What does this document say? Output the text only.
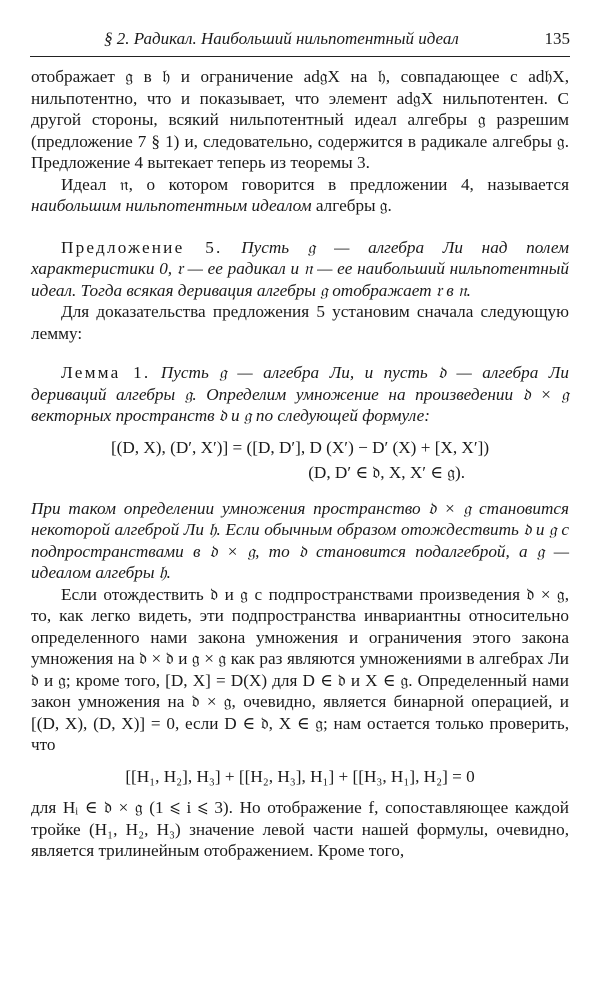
§ 2. Радикал. Наибольший нильпотентный идеал	135

отображает 𝔤 в 𝔥 и ограничение ad𝔤X на 𝔥, совпадающее с ad𝔥X, нильпотентно, что и показывает, что элемент ad𝔤X нильпотентен. С другой стороны, всякий нильпотентный идеал алгебры 𝔤 разрешим (предложение 7 § 1) и, следовательно, содержится в радикале алгебры 𝔤. Предложение 4 вытекает теперь из теоремы 3.

Идеал 𝔫, о котором говорится в предложении 4, называется наибольшим нильпотентным идеалом алгебры 𝔤.

Предложение 5. Пусть 𝔤 — алгебра Ли над полем характеристики 0, 𝔯 — ее радикал и 𝔫 — ее наибольший нильпотентный идеал. Тогда всякая деривация алгебры 𝔤 отображает 𝔯 в 𝔫.

Для доказательства предложения 5 установим сначала следующую лемму:

Лемма 1. Пусть 𝔤 — алгебра Ли, и пусть 𝔡 — алгебра Ли дериваций алгебры 𝔤. Определим умножение на произведении 𝔡 × 𝔤 векторных пространств 𝔡 и 𝔤 по следующей формуле:

[(D, X), (D′, X′)] = ([D, D′], D (X′) − D′ (X) + [X, X′])
(D, D′ ∈ 𝔡, X, X′ ∈ 𝔤).

При таком определении умножения пространство 𝔡 × 𝔤 становится некоторой алгеброй Ли 𝔥. Если обычным образом отождествить 𝔡 и 𝔤 с подпространствами в 𝔡 × 𝔤, то 𝔡 становится подалгеброй, а 𝔤 — идеалом алгебры 𝔥.

Если отождествить 𝔡 и 𝔤 с подпространствами произведения 𝔡 × 𝔤, то, как легко видеть, эти подпространства инвариантны относительно определенного нами закона умножения и ограничения этого закона умножения на 𝔡 × 𝔡 и 𝔤 × 𝔤 как раз являются умножениями в алгебрах Ли 𝔡 и 𝔤; кроме того, [D, X] = D(X) для D ∈ 𝔡 и X ∈ 𝔤. Определенный нами закон умножения на 𝔡 × 𝔤, очевидно, является бинарной операцией, и [(D, X), (D, X)] = 0, если D ∈ 𝔡, X ∈ 𝔤; нам остается только проверить, что

[[H₁, H₂], H₃] + [[H₂, H₃], H₁] + [[H₃, H₁], H₂] = 0

для Hᵢ ∈ 𝔡 × 𝔤 (1 ⩽ i ⩽ 3). Но отображение f, сопоставляющее каждой тройке (H₁, H₂, H₃) значение левой части нашей формулы, очевидно, является трилинейным отображением. Кроме того,
